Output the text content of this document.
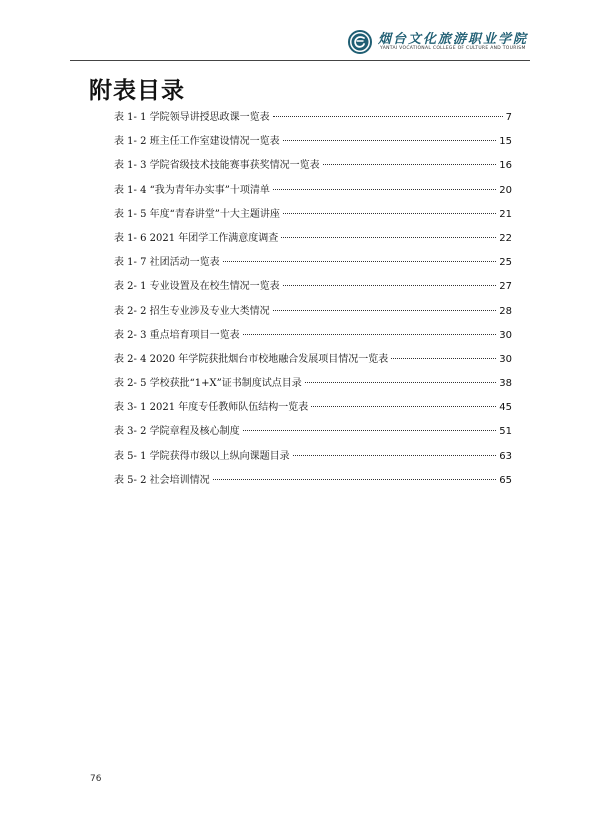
烟台文化旅游职业学院
YANTAI VOCATIONAL COLLEGE OF CULTURE AND TOURISM
附表目录
表 1- 1 学院领导讲授思政课一览表	7
表 1- 2 班主任工作室建设情况一览表	15
表 1- 3 学院省级技术技能赛事获奖情况一览表	16
表 1- 4 “我为青年办实事”十项清单	20
表 1- 5 年度“青春讲堂”十大主题讲座	21
表 1- 6 2021 年团学工作满意度调查	22
表 1- 7 社团活动一览表	25
表 2- 1 专业设置及在校生情况一览表	27
表 2- 2 招生专业涉及专业大类情况	28
表 2- 3 重点培育项目一览表	30
表 2- 4 2020 年学院获批烟台市校地融合发展项目情况一览表	30
表 2- 5 学校获批“1+X”证书制度试点目录	38
表 3- 1 2021 年度专任教师队伍结构一览表	45
表 3- 2 学院章程及核心制度	51
表 5- 1 学院获得市级以上纵向课题目录	63
表 5- 2 社会培训情况	65
76
